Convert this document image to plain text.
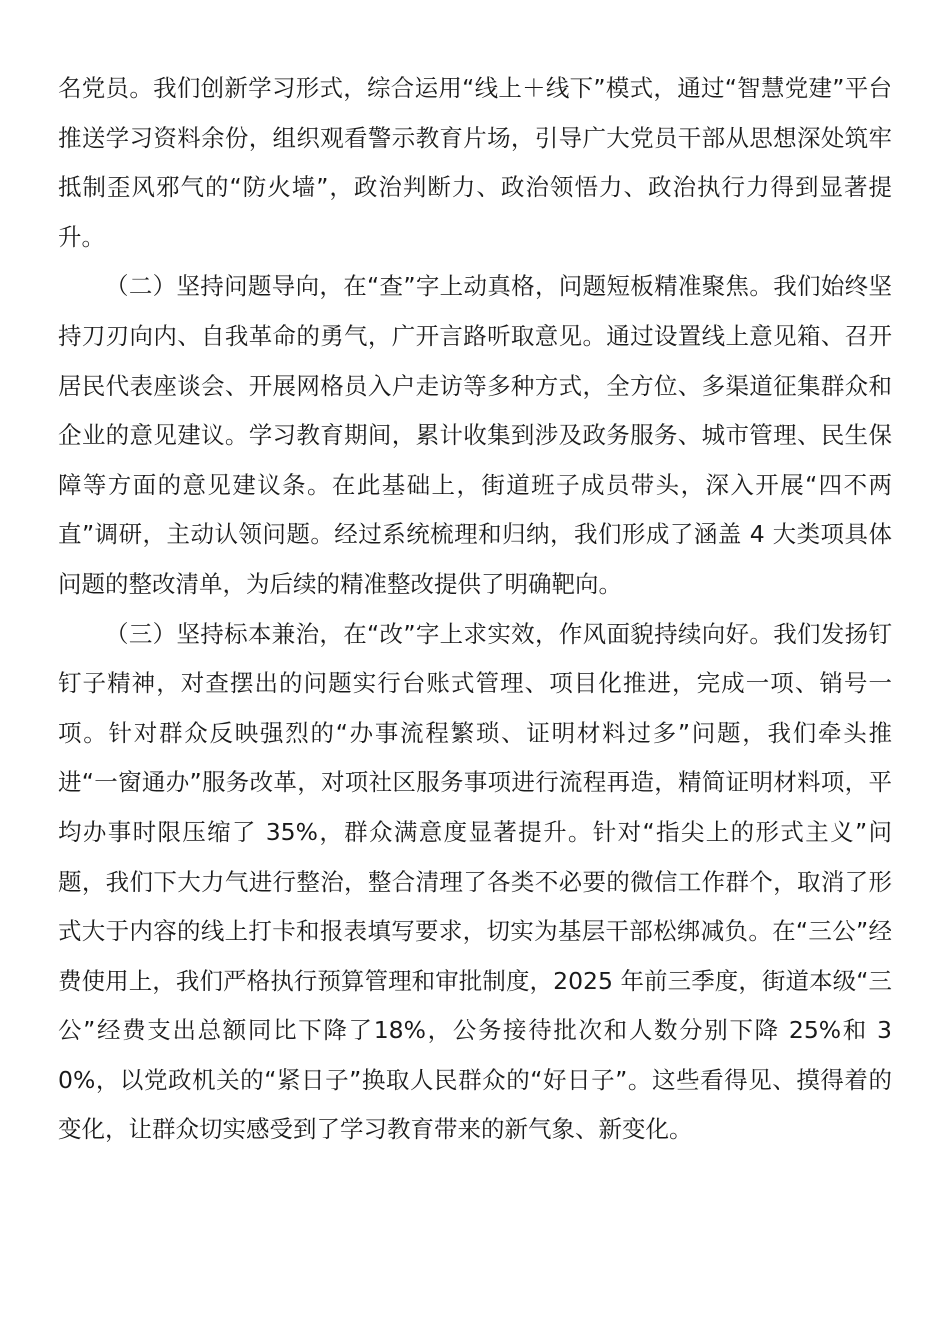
名党员。我们创新学习形式，综合运用“线上＋线下”模式，通过“智慧党建”平台推送学习资料余份，组织观看警示教育片场，引导广大党员干部从思想深处筑牢抵制歪风邪气的“防火墙”，政治判断力、政治领悟力、政治执行力得到显著提升。

（二）坚持问题导向，在“查”字上动真格，问题短板精准聚焦。我们始终坚持刀刃向内、自我革命的勇气，广开言路听取意见。通过设置线上意见箱、召开居民代表座谈会、开展网格员入户走访等多种方式，全方位、多渠道征集群众和企业的意见建议。学习教育期间，累计收集到涉及政务服务、城市管理、民生保障等方面的意见建议条。在此基础上，街道班子成员带头，深入开展“四不两直”调研，主动认领问题。经过系统梳理和归纳，我们形成了涵盖 4 大类项具体问题的整改清单，为后续的精准整改提供了明确靶向。

（三）坚持标本兼治，在“改”字上求实效，作风面貌持续向好。我们发扬钉钉子精神，对查摆出的问题实行台账式管理、项目化推进，完成一项、销号一项。针对群众反映强烈的“办事流程繁琐、证明材料过多”问题，我们牵头推进“一窗通办”服务改革，对项社区服务事项进行流程再造，精简证明材料项，平均办事时限压缩了 35%，群众满意度显著提升。针对“指尖上的形式主义”问题，我们下大力气进行整治，整合清理了各类不必要的微信工作群个，取消了形式大于内容的线上打卡和报表填写要求，切实为基层干部松绑减负。在“三公”经费使用上，我们严格执行预算管理和审批制度，2025 年前三季度，街道本级“三公”经费支出总额同比下降了18%，公务接待批次和人数分别下降 25%和 30%，以党政机关的“紧日子”换取人民群众的“好日子”。这些看得见、摸得着的变化，让群众切实感受到了学习教育带来的新气象、新变化。
